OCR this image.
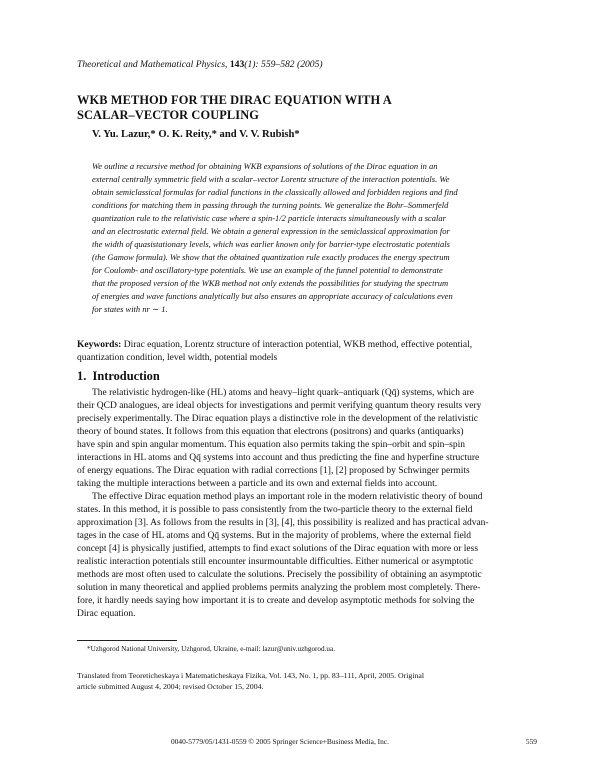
Theoretical and Mathematical Physics, 143(1): 559–582 (2005)
WKB METHOD FOR THE DIRAC EQUATION WITH A
SCALAR–VECTOR COUPLING
V. Yu. Lazur,* O. K. Reity,* and V. V. Rubish*

We outline a recursive method for obtaining WKB expansions of solutions of the Dirac equation in an
external centrally symmetric field with a scalar–vector Lorentz structure of the interaction potentials. We
obtain semiclassical formulas for radial functions in the classically allowed and forbidden regions and find
conditions for matching them in passing through the turning points. We generalize the Bohr–Sommerfeld
quantization rule to the relativistic case where a spin-1/2 particle interacts simultaneously with a scalar
and an electrostatic external field. We obtain a general expression in the semiclassical approximation for
the width of quasistationary levels, which was earlier known only for barrier-type electrostatic potentials
(the Gamow formula). We show that the obtained quantization rule exactly produces the energy spectrum
for Coulomb- and oscillatory-type potentials. We use an example of the funnel potential to demonstrate
that the proposed version of the WKB method not only extends the possibilities for studying the spectrum
of energies and wave functions analytically but also ensures an appropriate accuracy of calculations even
for states with nr ∼ 1.

Keywords: Dirac equation, Lorentz structure of interaction potential, WKB method, effective potential,
quantization condition, level width, potential models
1. Introduction
The relativistic hydrogen-like (HL) atoms and heavy–light quark–antiquark (Qq̄) systems, which are
their QCD analogues, are ideal objects for investigations and permit verifying quantum theory results very
precisely experimentally. The Dirac equation plays a distinctive role in the development of the relativistic
theory of bound states. It follows from this equation that electrons (positrons) and quarks (antiquarks)
have spin and spin angular momentum. This equation also permits taking the spin–orbit and spin–spin
interactions in HL atoms and Qq̄ systems into account and thus predicting the fine and hyperfine structure
of energy equations. The Dirac equation with radial corrections [1], [2] proposed by Schwinger permits
taking the multiple interactions between a particle and its own and external fields into account.
The effective Dirac equation method plays an important role in the modern relativistic theory of bound
states. In this method, it is possible to pass consistently from the two-particle theory to the external field
approximation [3]. As follows from the results in [3], [4], this possibility is realized and has practical advan-
tages in the case of HL atoms and Qq̄ systems. But in the majority of problems, where the external field
concept [4] is physically justified, attempts to find exact solutions of the Dirac equation with more or less
realistic interaction potentials still encounter insurmountable difficulties. Either numerical or asymptotic
methods are most often used to calculate the solutions. Precisely the possibility of obtaining an asymptotic
solution in many theoretical and applied problems permits analyzing the problem most completely. There-
fore, it hardly needs saying how important it is to create and develop asymptotic methods for solving the
Dirac equation.
*Uzhgorod National University, Uzhgorod, Ukraine, e-mail: lazur@univ.uzhgorod.ua.
Translated from Teoreticheskaya i Matematicheskaya Fizika, Vol. 143, No. 1, pp. 83–111, April, 2005. Original
article submitted August 4, 2004; revised October 15, 2004.
0040-5779/05/1431-0559 © 2005 Springer Science+Business Media, Inc.	559
